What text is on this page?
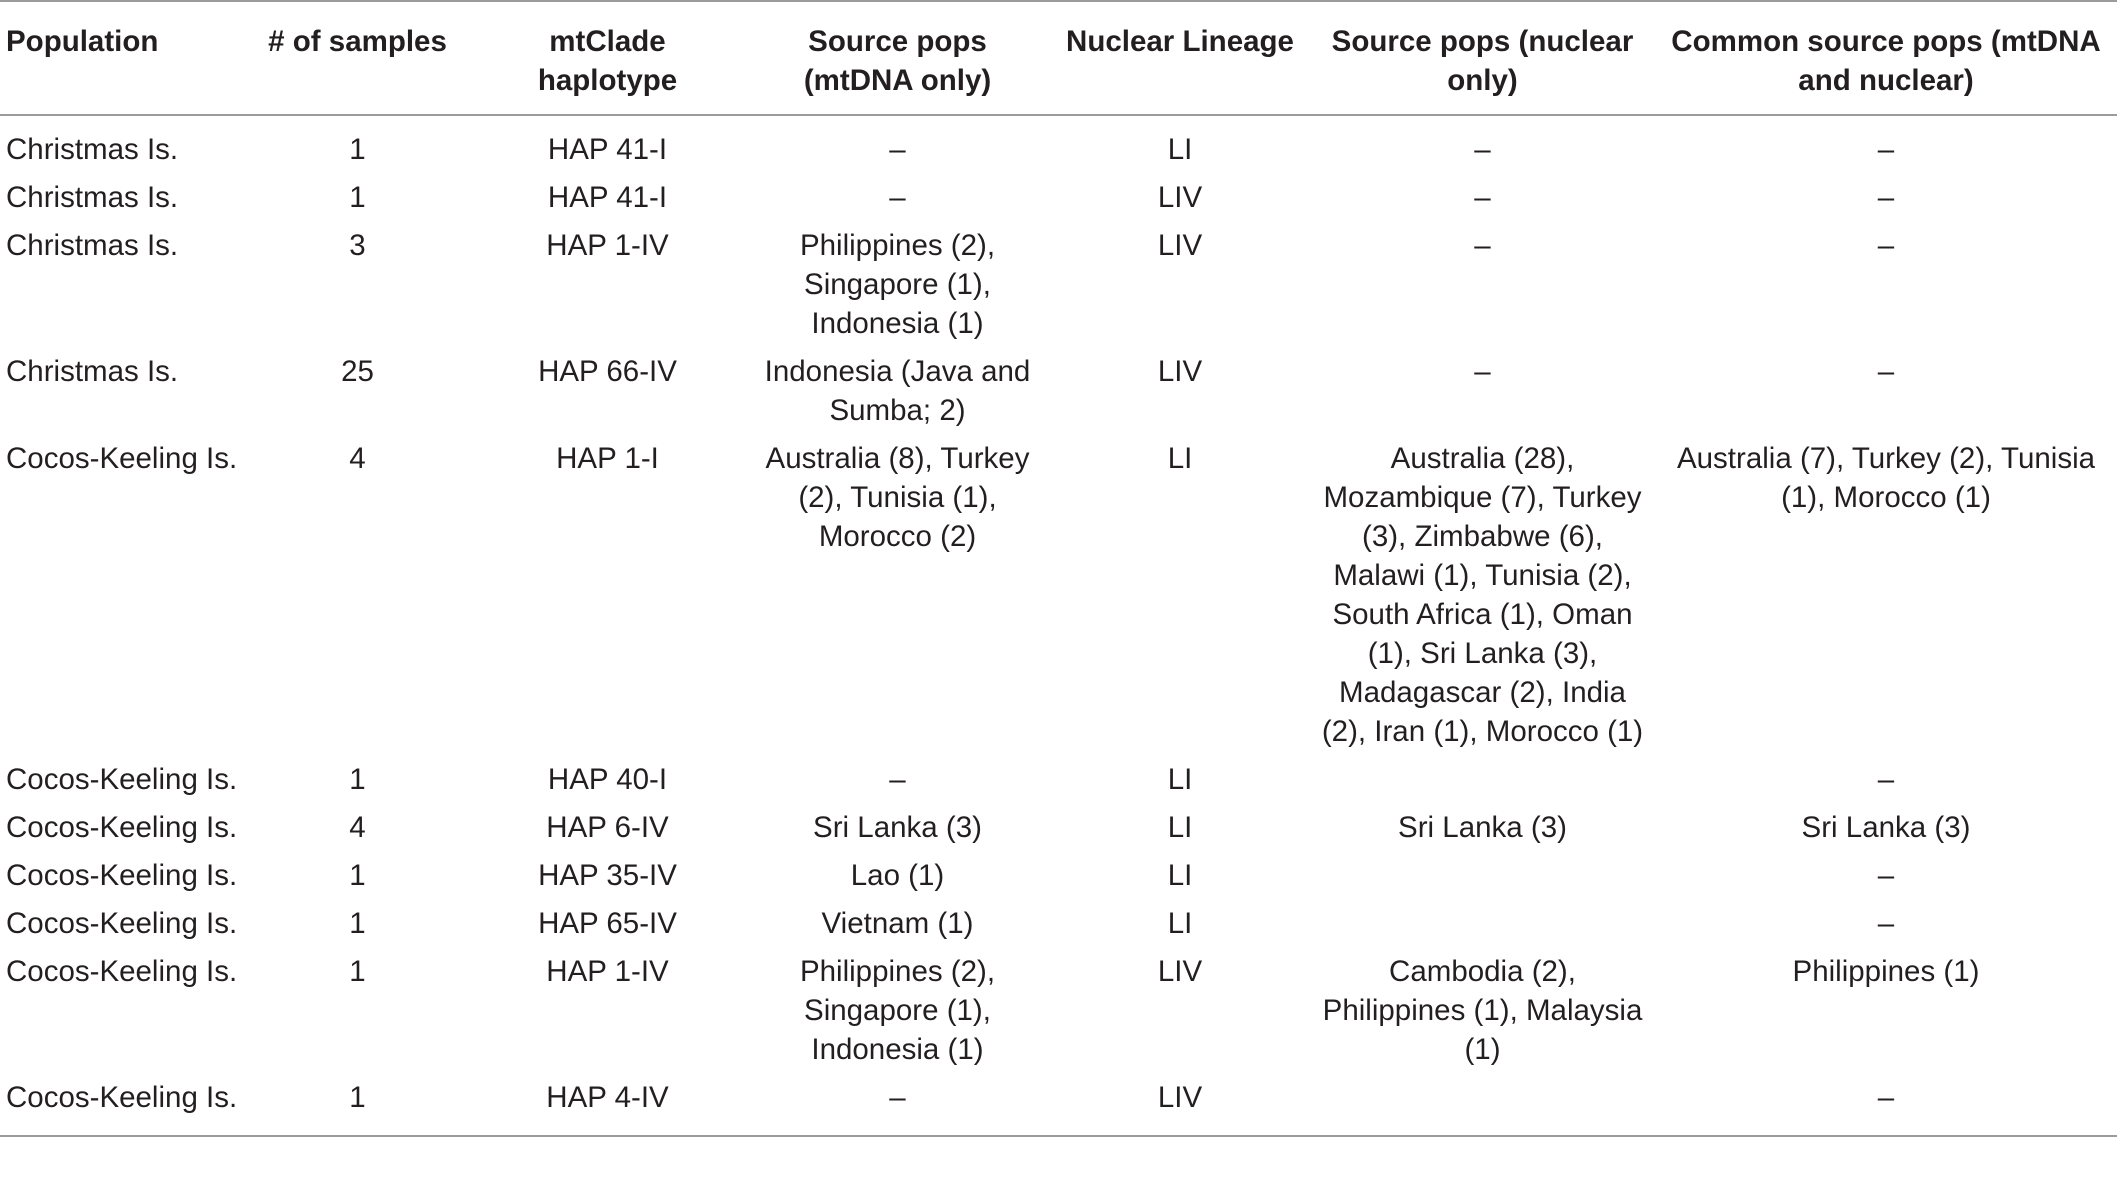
Population	# of samples	mtClade haplotype	Source pops (mtDNA only)	Nuclear Lineage	Source pops (nuclear only)	Common source pops (mtDNA and nuclear)
Christmas Is.	1	HAP 41-I	–	LI	–	–
Christmas Is.	1	HAP 41-I	–	LIV	–	–
Christmas Is.	3	HAP 1-IV	Philippines (2), Singapore (1), Indonesia (1)	LIV	–	–
Christmas Is.	25	HAP 66-IV	Indonesia (Java and Sumba; 2)	LIV	–	–
Cocos-Keeling Is.	4	HAP 1-I	Australia (8), Turkey (2), Tunisia (1), Morocco (2)	LI	Australia (28), Mozambique (7), Turkey (3), Zimbabwe (6), Malawi (1), Tunisia (2), South Africa (1), Oman (1), Sri Lanka (3), Madagascar (2), India (2), Iran (1), Morocco (1)	Australia (7), Turkey (2), Tunisia (1), Morocco (1)
Cocos-Keeling Is.	1	HAP 40-I	–	LI		–
Cocos-Keeling Is.	4	HAP 6-IV	Sri Lanka (3)	LI	Sri Lanka (3)	Sri Lanka (3)
Cocos-Keeling Is.	1	HAP 35-IV	Lao (1)	LI		–
Cocos-Keeling Is.	1	HAP 65-IV	Vietnam (1)	LI		–
Cocos-Keeling Is.	1	HAP 1-IV	Philippines (2), Singapore (1), Indonesia (1)	LIV	Cambodia (2), Philippines (1), Malaysia (1)	Philippines (1)
Cocos-Keeling Is.	1	HAP 4-IV	–	LIV		–
